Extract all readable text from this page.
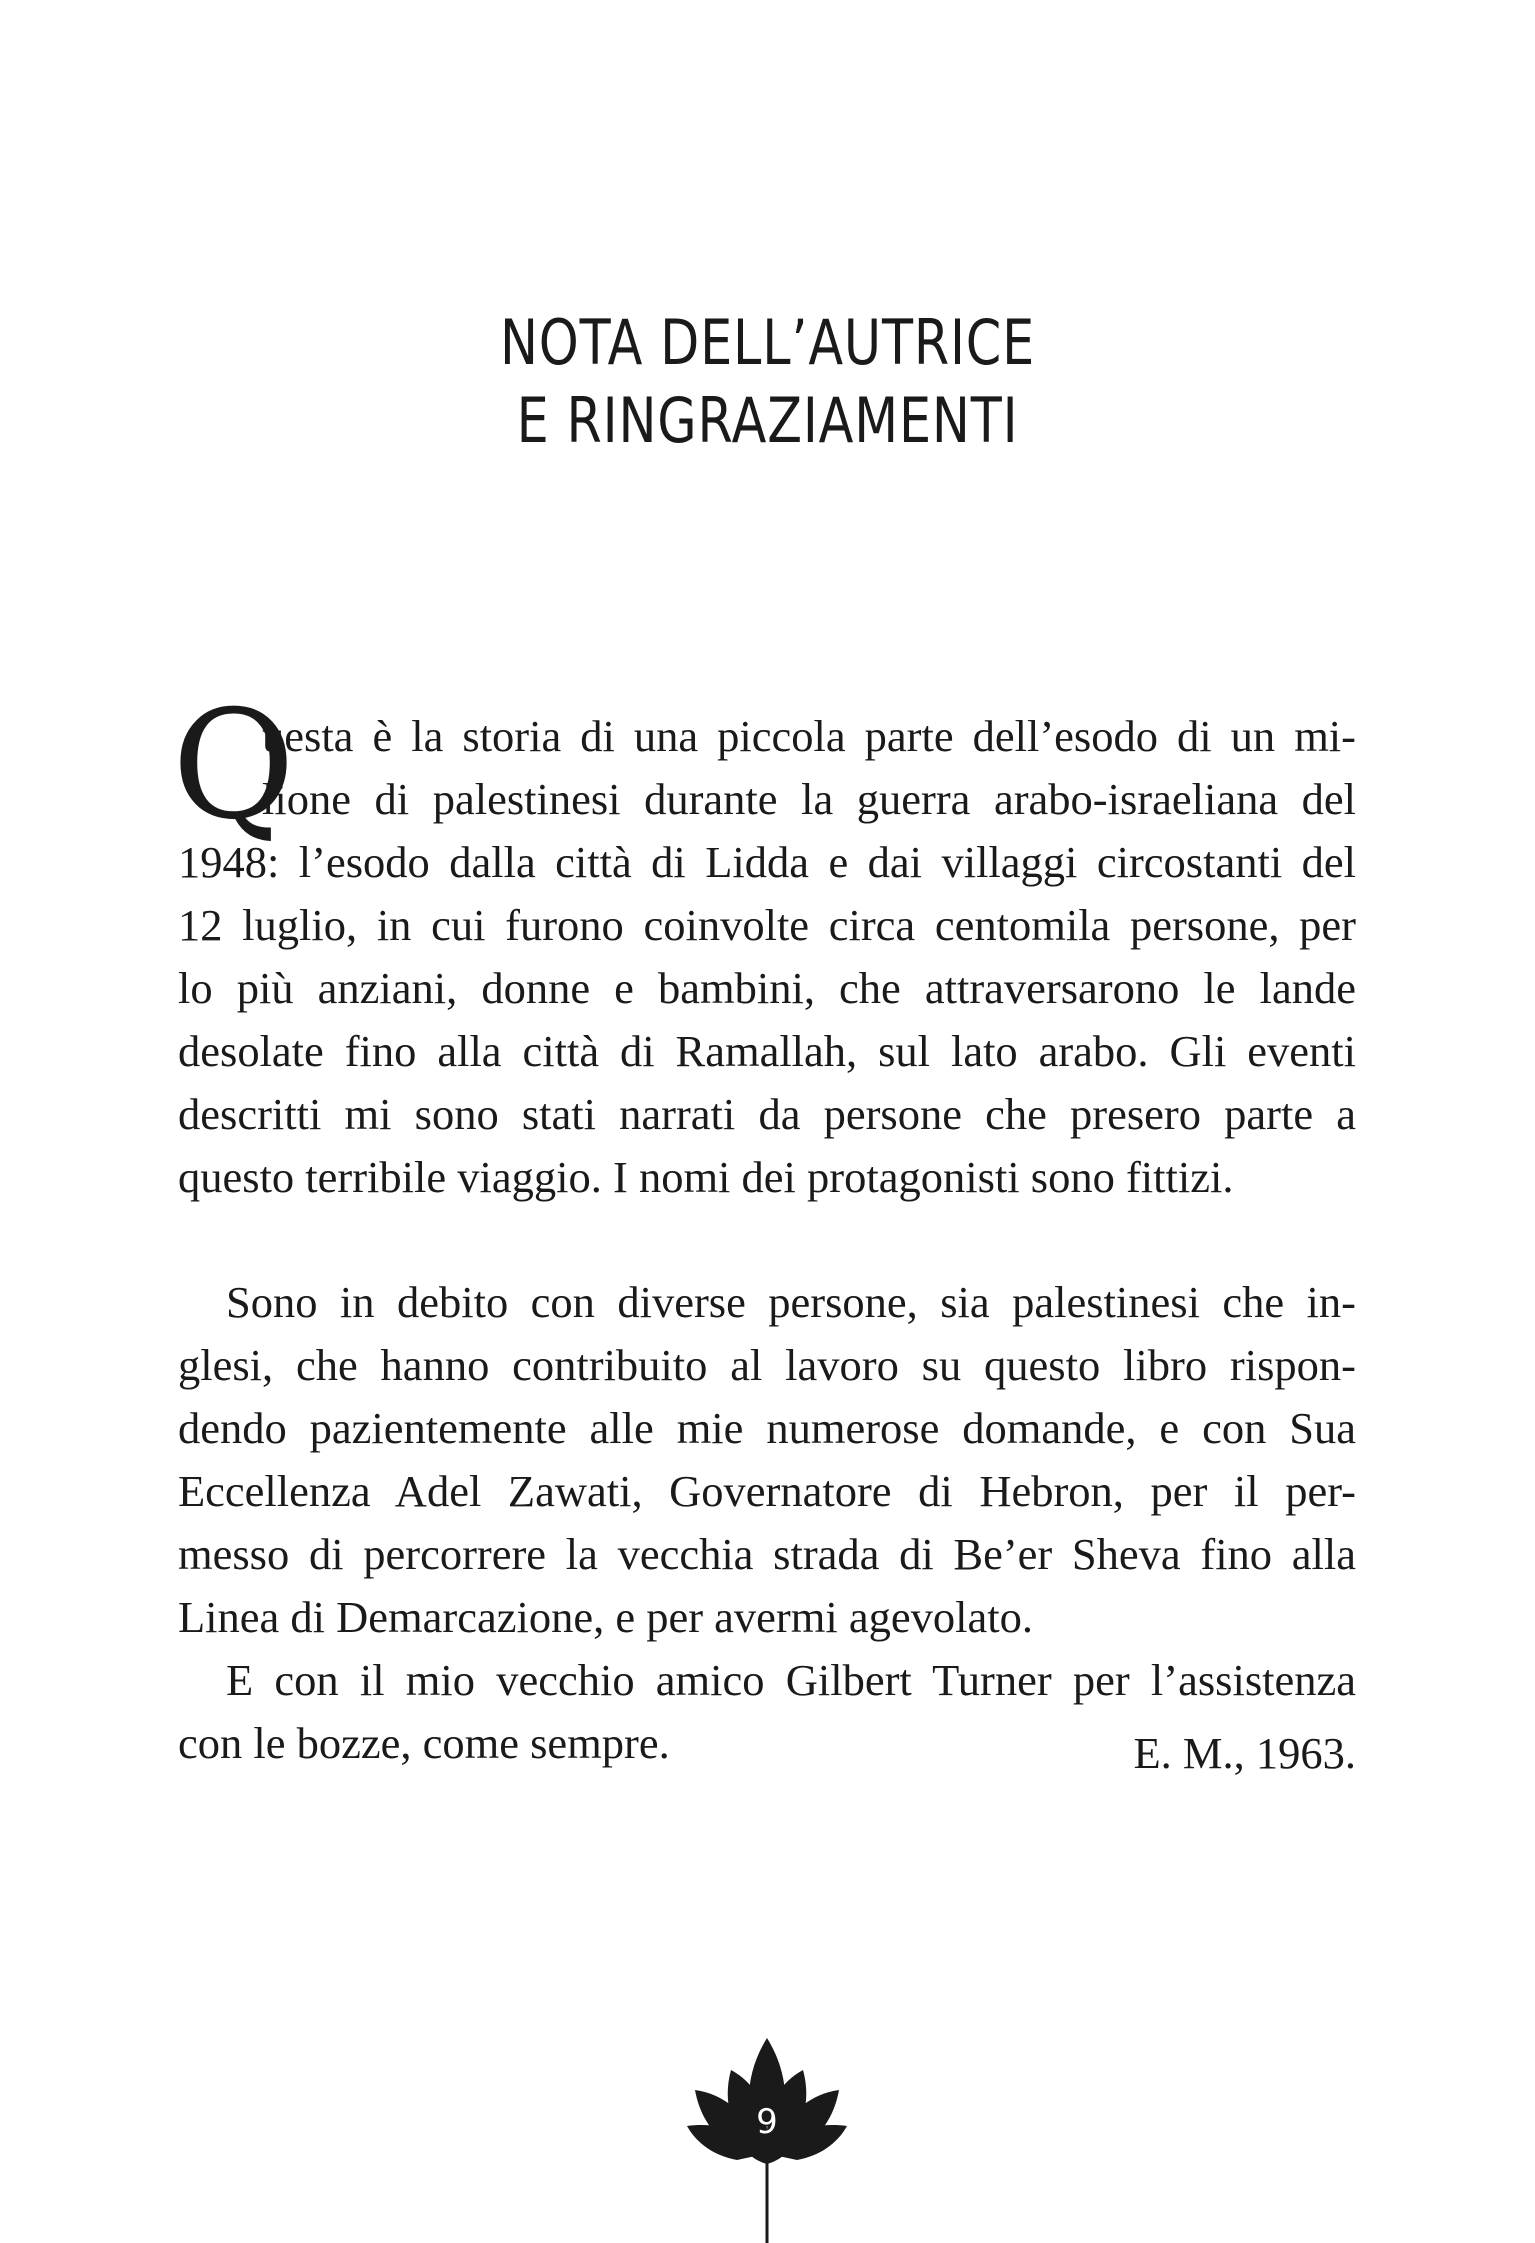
NOTA DELL’AUTRICE
E RINGRAZIAMENTI
Q
uesta è la storia di una piccola parte dell’esodo di un mi-
lione di palestinesi durante la guerra arabo-israeliana del
1948: l’esodo dalla città di Lidda e dai villaggi circostanti del
12 luglio, in cui furono coinvolte circa centomila persone, per
lo più anziani, donne e bambini, che attraversarono le lande
desolate fino alla città di Ramallah, sul lato arabo. Gli eventi
descritti mi sono stati narrati da persone che presero parte a
questo terribile viaggio. I nomi dei protagonisti sono fittizi.
Sono in debito con diverse persone, sia palestinesi che in-
glesi, che hanno contribuito al lavoro su questo libro rispon-
dendo pazientemente alle mie numerose domande, e con Sua
Eccellenza Adel Zawati, Governatore di Hebron, per il per-
messo di percorrere la vecchia strada di Be’er Sheva fino alla
Linea di Demarcazione, e per avermi agevolato.
E con il mio vecchio amico Gilbert Turner per l’assistenza
con le bozze, come sempre.	E. M., 1963.
9
